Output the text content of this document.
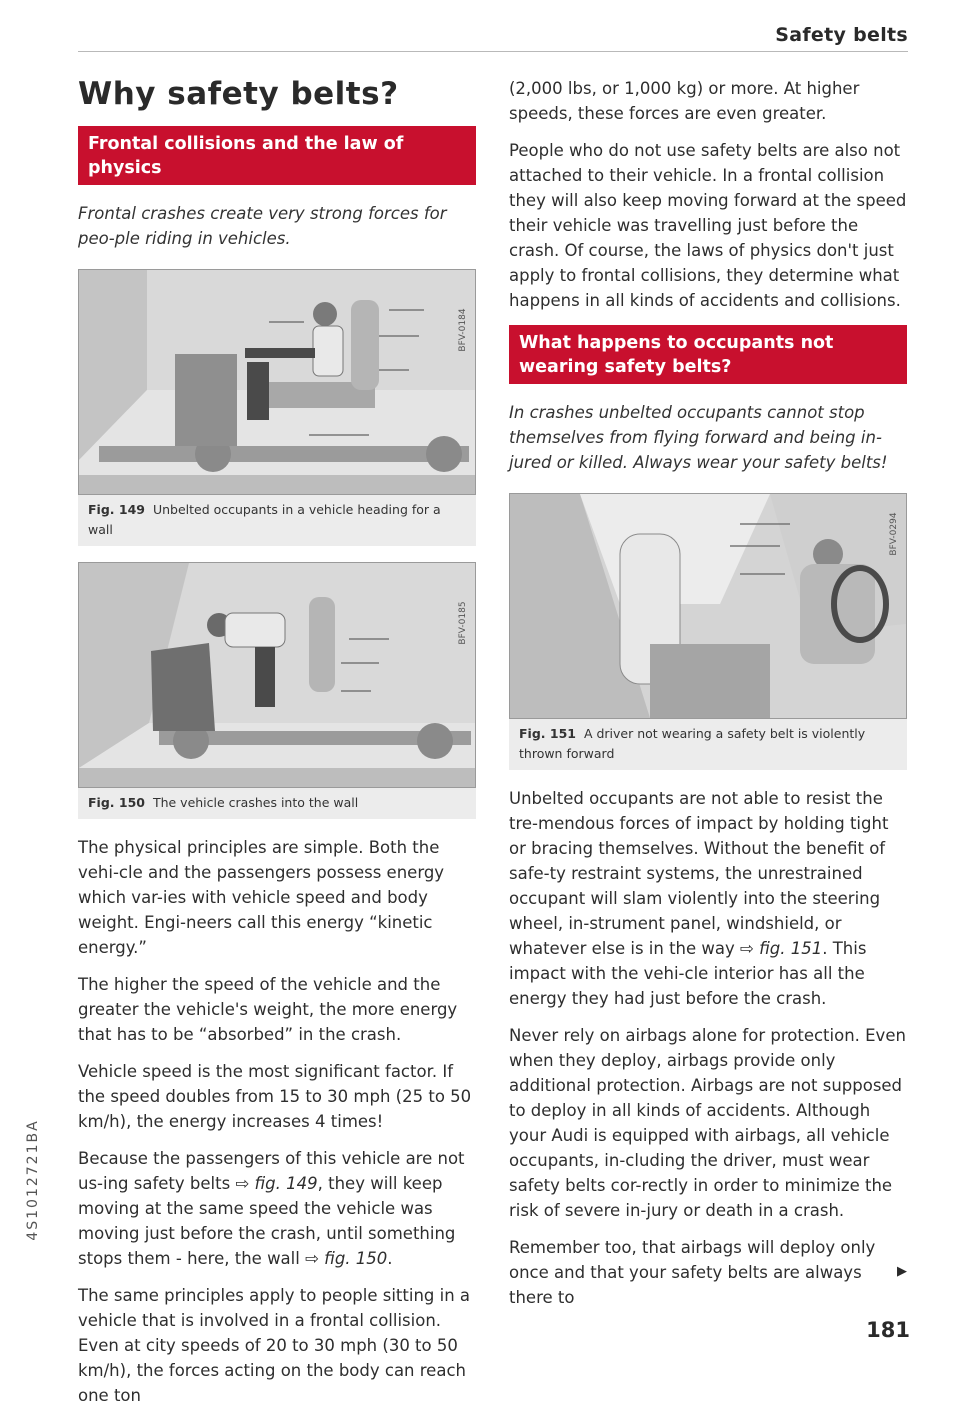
Safety belts
Why safety belts?
Frontal collisions and the law of physics
Frontal crashes create very strong forces for peo-ple riding in vehicles.
BFV-0184
Fig. 149 Unbelted occupants in a vehicle heading for a wall
BFV-0185
Fig. 150 The vehicle crashes into the wall

The physical principles are simple. Both the vehi-cle and the passengers possess energy which var-ies with vehicle speed and body weight. Engi-neers call this energy “kinetic energy.”

The higher the speed of the vehicle and the greater the vehicle's weight, the more energy that has to be “absorbed” in the crash.

Vehicle speed is the most significant factor. If the speed doubles from 15 to 30 mph (25 to 50 km/h), the energy increases 4 times!

Because the passengers of this vehicle are not us-ing safety belts ⇨ fig. 149, they will keep moving at the same speed the vehicle was moving just before the crash, until something stops them - here, the wall ⇨ fig. 150.

The same principles apply to people sitting in a vehicle that is involved in a frontal collision. Even at city speeds of 20 to 30 mph (30 to 50 km/h), the forces acting on the body can reach one ton

(2,000 lbs, or 1,000 kg) or more. At higher speeds, these forces are even greater.

People who do not use safety belts are also not attached to their vehicle. In a frontal collision they will also keep moving forward at the speed their vehicle was travelling just before the crash. Of course, the laws of physics don't just apply to frontal collisions, they determine what happens in all kinds of accidents and collisions.

What happens to occupants not wearing safety belts?
In crashes unbelted occupants cannot stop themselves from flying forward and being in-jured or killed. Always wear your safety belts!
BFV-0294
Fig. 151 A driver not wearing a safety belt is violently thrown forward

Unbelted occupants are not able to resist the tre-mendous forces of impact by holding tight or bracing themselves. Without the benefit of safe-ty restraint systems, the unrestrained occupant will slam violently into the steering wheel, in-strument panel, windshield, or whatever else is in the way ⇨ fig. 151. This impact with the vehi-cle interior has all the energy they had just before the crash.

Never rely on airbags alone for protection. Even when they deploy, airbags provide only additional protection. Airbags are not supposed to deploy in all kinds of accidents. Although your Audi is equipped with airbags, all vehicle occupants, in-cluding the driver, must wear safety belts cor-rectly in order to minimize the risk of severe in-jury or death in a crash.

Remember too, that airbags will deploy only once and that your safety belts are always there to

▶
4S1012721BA
181
